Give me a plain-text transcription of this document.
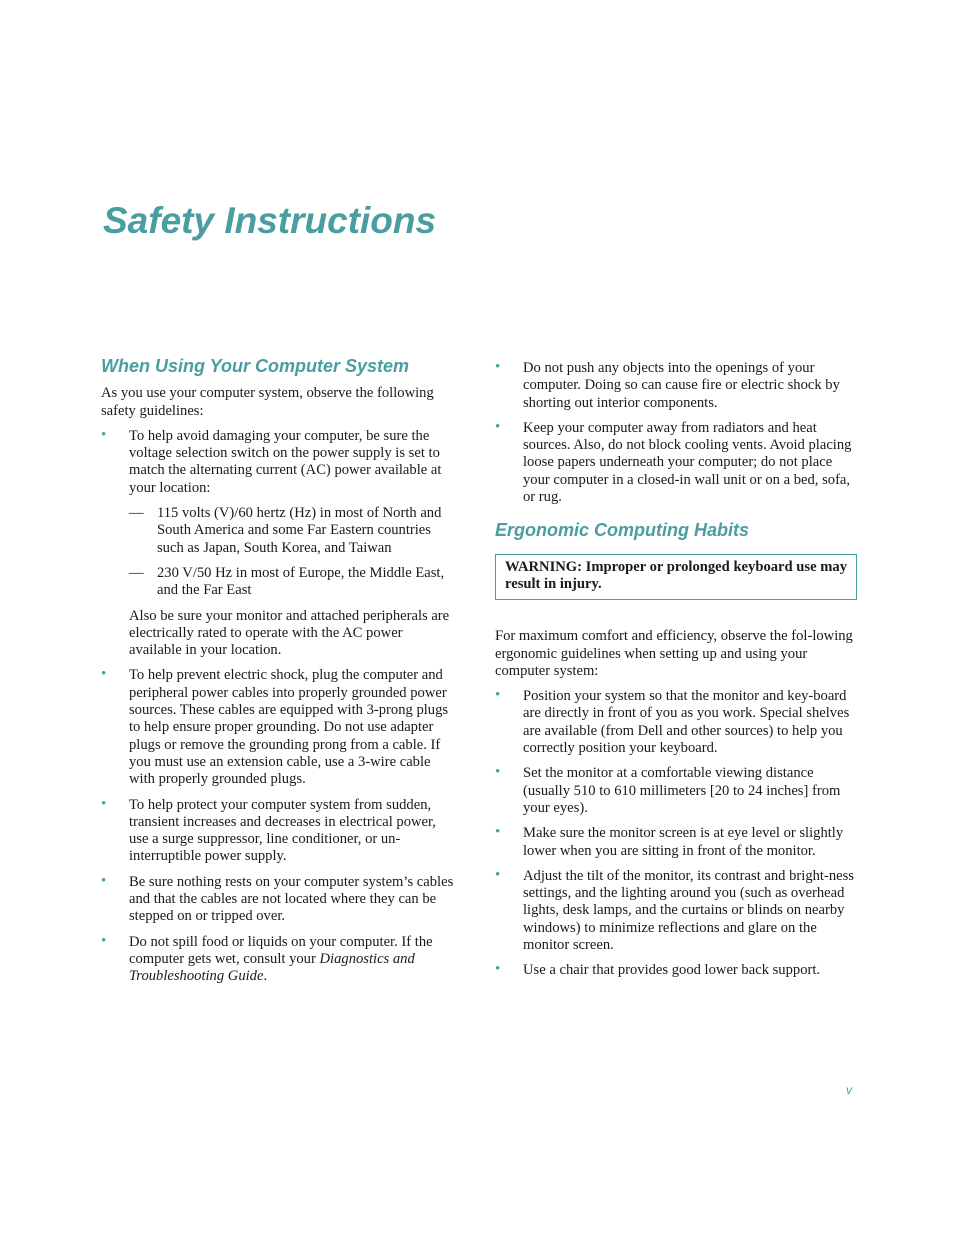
Safety Instructions
When Using Your Computer System

As you use your computer system, observe the following safety guidelines:

• To help avoid damaging your computer, be sure the voltage selection switch on the power supply is set to match the alternating current (AC) power available at your location:
— 115 volts (V)/60 hertz (Hz) in most of North and South America and some Far Eastern countries such as Japan, South Korea, and Taiwan
— 230 V/50 Hz in most of Europe, the Middle East, and the Far East

Also be sure your monitor and attached peripherals are electrically rated to operate with the AC power available in your location.

• To help prevent electric shock, plug the computer and peripheral power cables into properly grounded power sources. These cables are equipped with 3-prong plugs to help ensure proper grounding. Do not use adapter plugs or remove the grounding prong from a cable. If you must use an extension cable, use a 3-wire cable with properly grounded plugs.
• To help protect your computer system from sudden, transient increases and decreases in electrical power, use a surge suppressor, line conditioner, or un-interruptible power supply.
• Be sure nothing rests on your computer system’s cables and that the cables are not located where they can be stepped on or tripped over.
• Do not spill food or liquids on your computer. If the computer gets wet, consult your Diagnostics and Troubleshooting Guide.
• Do not push any objects into the openings of your computer. Doing so can cause fire or electric shock by shorting out interior components.
• Keep your computer away from radiators and heat sources. Also, do not block cooling vents. Avoid placing loose papers underneath your computer; do not place your computer in a closed-in wall unit or on a bed, sofa, or rug.
Ergonomic Computing Habits
WARNING: Improper or prolonged keyboard use may result in injury.

For maximum comfort and efficiency, observe the fol-lowing ergonomic guidelines when setting up and using your computer system:

• Position your system so that the monitor and key-board are directly in front of you as you work. Special shelves are available (from Dell and other sources) to help you correctly position your keyboard.
• Set the monitor at a comfortable viewing distance (usually 510 to 610 millimeters [20 to 24 inches] from your eyes).
• Make sure the monitor screen is at eye level or slightly lower when you are sitting in front of the monitor.
• Adjust the tilt of the monitor, its contrast and bright-ness settings, and the lighting around you (such as overhead lights, desk lamps, and the curtains or blinds on nearby windows) to minimize reflections and glare on the monitor screen.
• Use a chair that provides good lower back support.
v
